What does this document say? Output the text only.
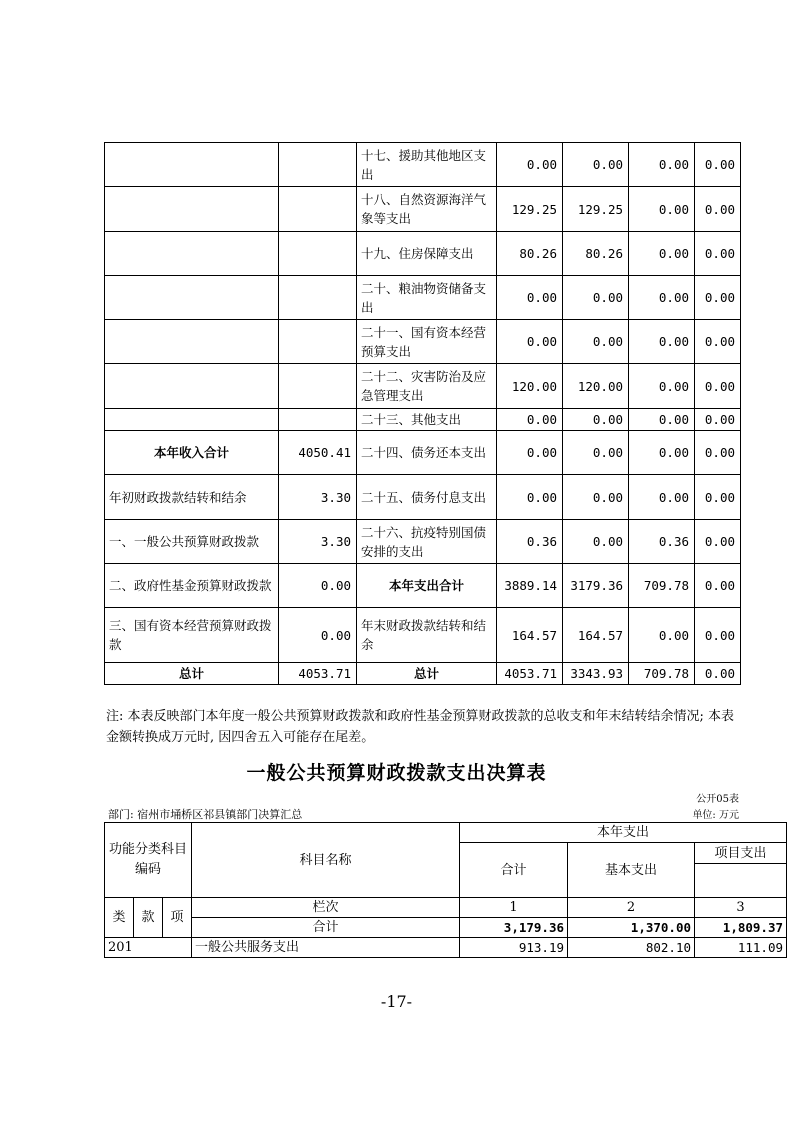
		十七、援助其他地区支出	0.00	0.00	0.00	0.00
		十八、自然资源海洋气象等支出	129.25	129.25	0.00	0.00
		十九、住房保障支出	80.26	80.26	0.00	0.00
		二十、粮油物资储备支出	0.00	0.00	0.00	0.00
		二十一、国有资本经营预算支出	0.00	0.00	0.00	0.00
		二十二、灾害防治及应急管理支出	120.00	120.00	0.00	0.00
		二十三、其他支出	0.00	0.00	0.00	0.00
本年收入合计	4050.41	二十四、债务还本支出	0.00	0.00	0.00	0.00
年初财政拨款结转和结余	3.30	二十五、债务付息支出	0.00	0.00	0.00	0.00
一、一般公共预算财政拨款	3.30	二十六、抗疫特别国债安排的支出	0.36	0.00	0.36	0.00
二、政府性基金预算财政拨款	0.00	本年支出合计	3889.14	3179.36	709.78	0.00
三、国有资本经营预算财政拨款	0.00	年末财政拨款结转和结余	164.57	164.57	0.00	0.00
总计	4053.71	总计	4053.71	3343.93	709.78	0.00
注: 本表反映部门本年度一般公共预算财政拨款和政府性基金预算财政拨款的总收支和年末结转结余情况; 本表金额转换成万元时, 因四舍五入可能存在尾差。
一般公共预算财政拨款支出决算表
公开05表
部门: 宿州市埇桥区祁县镇部门决算汇总	单位: 万元
功能分类科目编码			科目名称	本年支出		
				合计	基本支出	项目支出

类	款	项	栏次	1	2	3
			合计	3,179.36	1,370.00	1,809.37
201			一般公共服务支出	913.19	802.10	111.09
-17-
